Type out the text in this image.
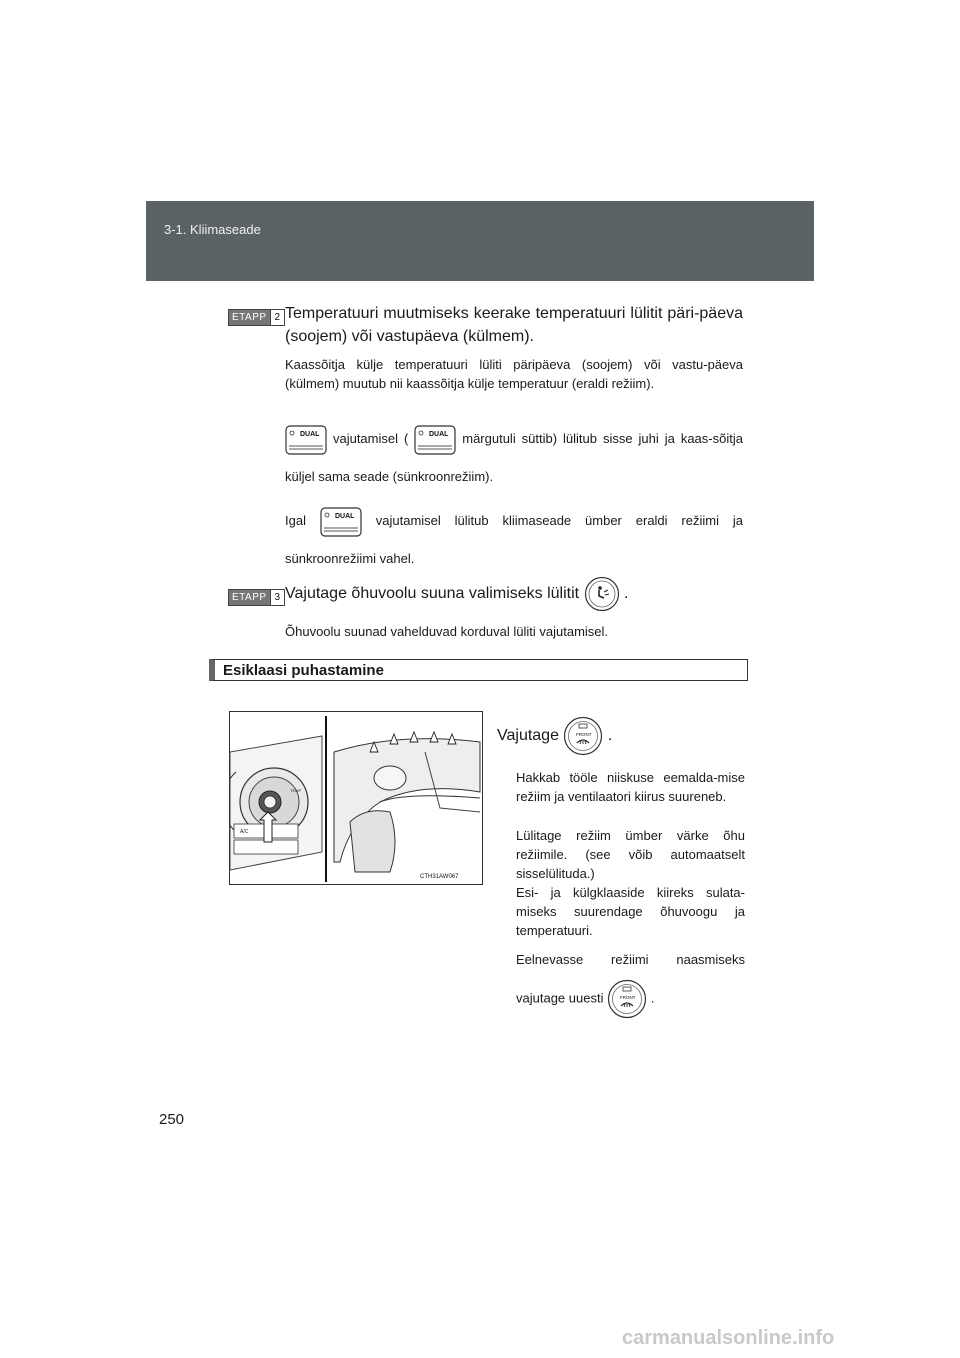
3-1. Kliimaseade
ETAPP 2 Temperatuuri muutmiseks keerake temperatuuri lülitit päri-päeva (soojem) või vastupäeva (külmem).
Kaassõitja külje temperatuuri lüliti päripäeva (soojem) või vastu-päeva (külmem) muutub nii kaassõitja külje temperatuur (eraldi režiim).
DUAL vajutamisel (	DUAL märgutuli süttib) lülitub sisse juhi ja kaas-sõitja küljel sama seade (sünkroonrežiim).
Igal	DUAL vajutamisel lülitub kliimaseade ümber eraldi režiimi ja sünkroonrežiimi vahel.
ETAPP 3 Vajutage õhuvoolu suuna valimiseks lülitit	.
Õhuvoolu suunad vahelduvad korduval lüliti vajutamisel.
Esiklaasi puhastamine
TEMP
A/C
CTH31AW067
Vajutage	FRONT .
Hakkab tööle niiskuse eemalda-mise režiim ja ventilaatori kiirus suureneb.
Lülitage režiim ümber värke õhu režiimile. (see võib automaatselt sisselülituda.)
Esi- ja külgklaaside kiireks sulata-miseks suurendage õhuvoogu ja temperatuuri.
Eelnevasse režiimi naasmiseks vajutage uuesti	FRONT .
250
carmanualsonline.info
